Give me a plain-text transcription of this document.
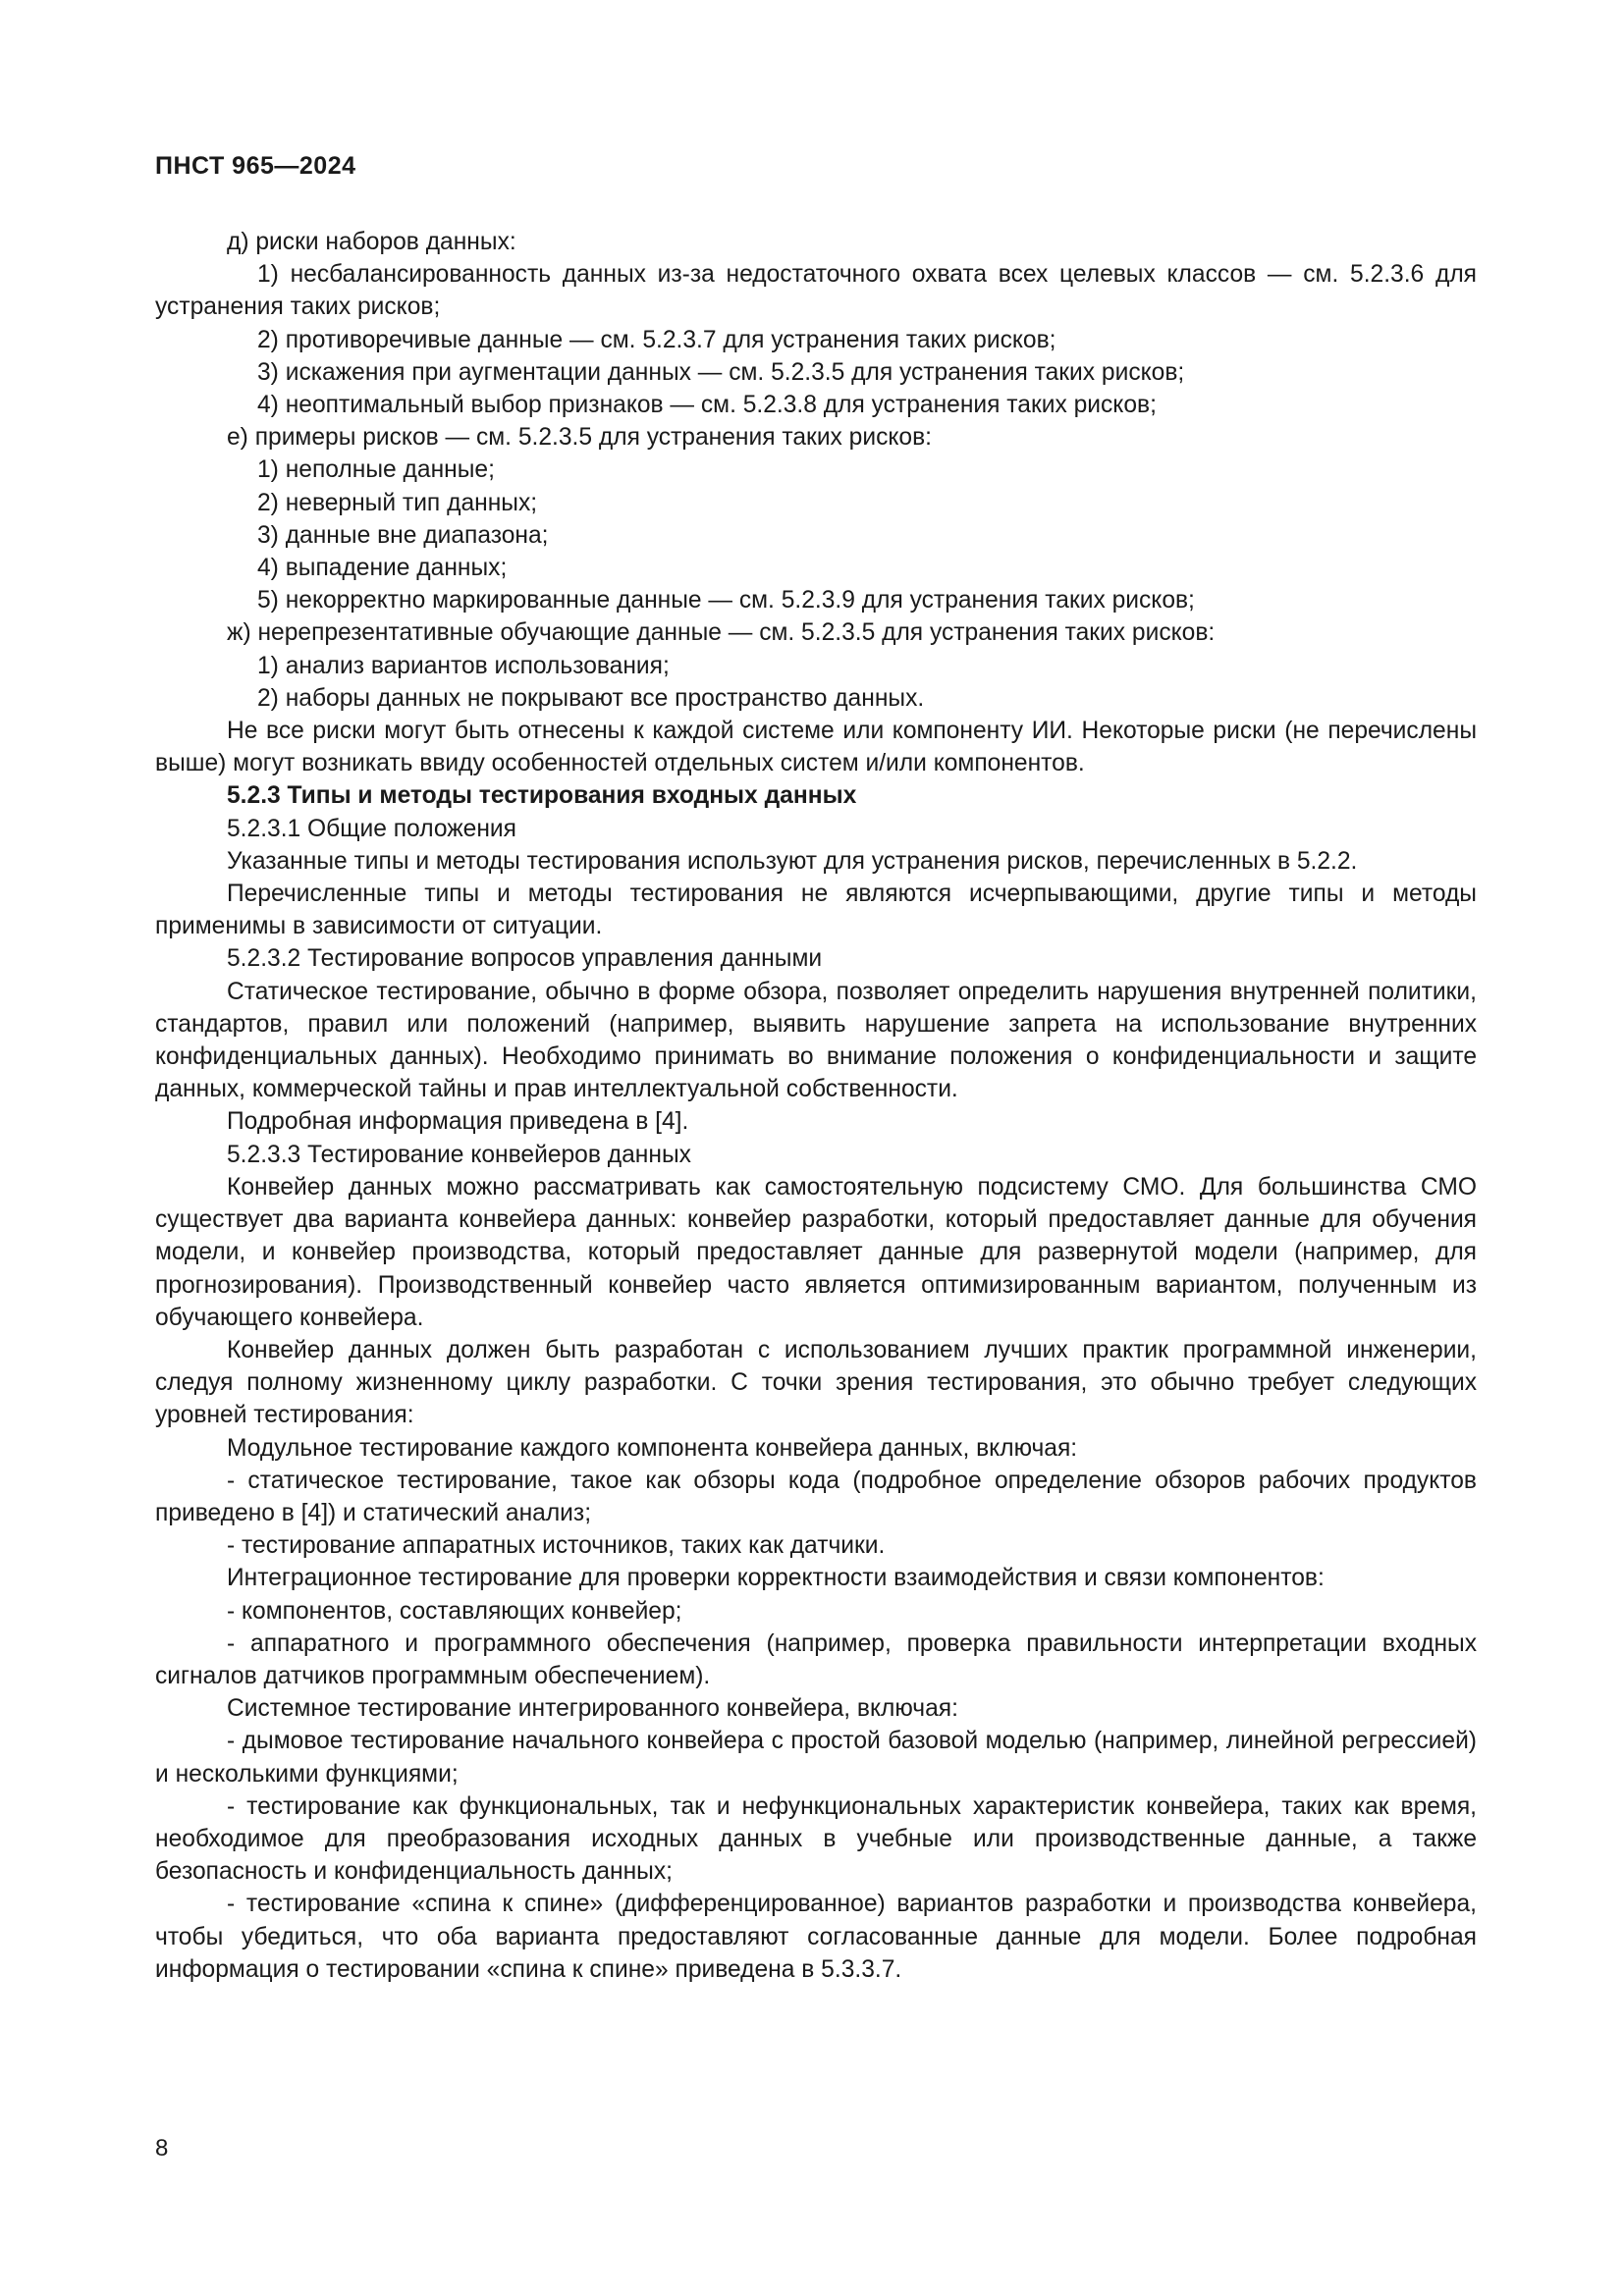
ПНСТ 965—2024

д) риски наборов данных:

1) несбалансированность данных из-за недостаточного охвата всех целевых классов — см. 5.2.3.6 для устранения таких рисков;

2) противоречивые данные — см. 5.2.3.7 для устранения таких рисков;

3) искажения при аугментации данных — см. 5.2.3.5 для устранения таких рисков;

4) неоптимальный выбор признаков — см. 5.2.3.8 для устранения таких рисков;

е) примеры рисков — см. 5.2.3.5 для устранения таких рисков:

1) неполные данные;

2) неверный тип данных;

3) данные вне диапазона;

4) выпадение данных;

5) некорректно маркированные данные — см. 5.2.3.9 для устранения таких рисков;

ж) нерепрезентативные обучающие данные — см. 5.2.3.5 для устранения таких рисков:

1) анализ вариантов использования;

2) наборы данных не покрывают все пространство данных.

Не все риски могут быть отнесены к каждой системе или компоненту ИИ. Некоторые риски (не перечислены выше) могут возникать ввиду особенностей отдельных систем и/или компонентов.

5.2.3 Типы и методы тестирования входных данных

5.2.3.1 Общие положения

Указанные типы и методы тестирования используют для устранения рисков, перечисленных в 5.2.2.

Перечисленные типы и методы тестирования не являются исчерпывающими, другие типы и методы применимы в зависимости от ситуации.

5.2.3.2 Тестирование вопросов управления данными

Статическое тестирование, обычно в форме обзора, позволяет определить нарушения внутренней политики, стандартов, правил или положений (например, выявить нарушение запрета на использование внутренних конфиденциальных данных). Необходимо принимать во внимание положения о конфиденциальности и защите данных, коммерческой тайны и прав интеллектуальной собственности.

Подробная информация приведена в [4].

5.2.3.3 Тестирование конвейеров данных

Конвейер данных можно рассматривать как самостоятельную подсистему СМО. Для большинства СМО существует два варианта конвейера данных: конвейер разработки, который предоставляет данные для обучения модели, и конвейер производства, который предоставляет данные для развернутой модели (например, для прогнозирования). Производственный конвейер часто является оптимизированным вариантом, полученным из обучающего конвейера.

Конвейер данных должен быть разработан с использованием лучших практик программной инженерии, следуя полному жизненному циклу разработки. С точки зрения тестирования, это обычно требует следующих уровней тестирования:

Модульное тестирование каждого компонента конвейера данных, включая:

- статическое тестирование, такое как обзоры кода (подробное определение обзоров рабочих продуктов приведено в [4]) и статический анализ;

- тестирование аппаратных источников, таких как датчики.

Интеграционное тестирование для проверки корректности взаимодействия и связи компонентов:

- компонентов, составляющих конвейер;

- аппаратного и программного обеспечения (например, проверка правильности интерпретации входных сигналов датчиков программным обеспечением).

Системное тестирование интегрированного конвейера, включая:

- дымовое тестирование начального конвейера с простой базовой моделью (например, линейной регрессией) и несколькими функциями;

- тестирование как функциональных, так и нефункциональных характеристик конвейера, таких как время, необходимое для преобразования исходных данных в учебные или производственные данные, а также безопасность и конфиденциальность данных;

- тестирование «спина к спине» (дифференцированное) вариантов разработки и производства конвейера, чтобы убедиться, что оба варианта предоставляют согласованные данные для модели. Более подробная информация о тестировании «спина к спине» приведена в 5.3.3.7.

8
